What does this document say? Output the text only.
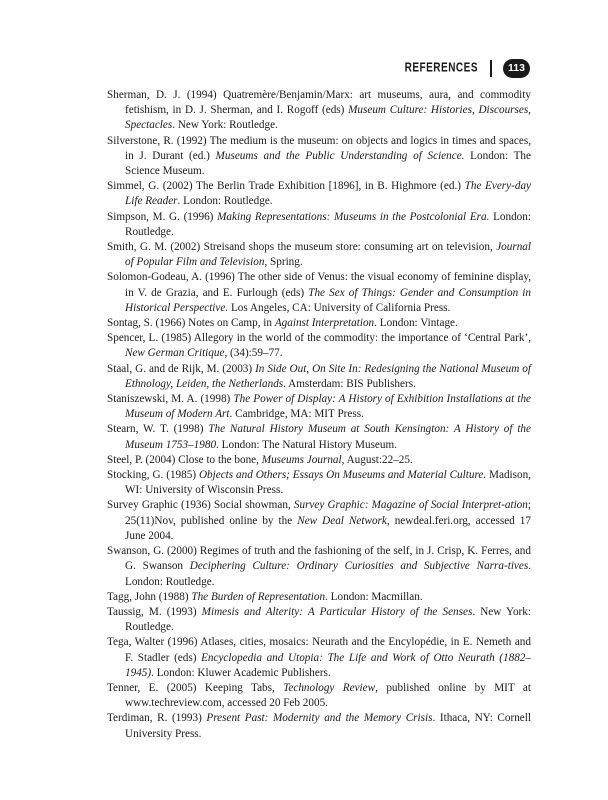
REFERENCES	113
Sherman, D. J. (1994) Quatremère/Benjamin/Marx: art museums, aura, and commodity fetishism, in D. J. Sherman, and I. Rogoff (eds) Museum Culture: Histories, Discourses, Spectacles. New York: Routledge.
Silverstone, R. (1992) The medium is the museum: on objects and logics in times and spaces, in J. Durant (ed.) Museums and the Public Understanding of Science. London: The Science Museum.
Simmel, G. (2002) The Berlin Trade Exhibition [1896], in B. Highmore (ed.) The Every-day Life Reader. London: Routledge.
Simpson, M. G. (1996) Making Representations: Museums in the Postcolonial Era. London: Routledge.
Smith, G. M. (2002) Streisand shops the museum store: consuming art on television, Journal of Popular Film and Television, Spring.
Solomon-Godeau, A. (1996) The other side of Venus: the visual economy of feminine display, in V. de Grazia, and E. Furlough (eds) The Sex of Things: Gender and Consumption in Historical Perspective. Los Angeles, CA: University of California Press.
Sontag, S. (1966) Notes on Camp, in Against Interpretation. London: Vintage.
Spencer, L. (1985) Allegory in the world of the commodity: the importance of ‘Central Park’, New German Critique, (34):59–77.
Staal, G. and de Rijk, M. (2003) In Side Out, On Site In: Redesigning the National Museum of Ethnology, Leiden, the Netherlands. Amsterdam: BIS Publishers.
Staniszewski, M. A. (1998) The Power of Display: A History of Exhibition Installations at the Museum of Modern Art. Cambridge, MA: MIT Press.
Stearn, W. T. (1998) The Natural History Museum at South Kensington: A History of the Museum 1753–1980. London: The Natural History Museum.
Steel, P. (2004) Close to the bone, Museums Journal, August:22–25.
Stocking, G. (1985) Objects and Others; Essays On Museums and Material Culture. Madison, WI: University of Wisconsin Press.
Survey Graphic (1936) Social showman, Survey Graphic: Magazine of Social Interpret-ation; 25(11)Nov, published online by the New Deal Network, newdeal.feri.org, accessed 17 June 2004.
Swanson, G. (2000) Regimes of truth and the fashioning of the self, in J. Crisp, K. Ferres, and G. Swanson Deciphering Culture: Ordinary Curiosities and Subjective Narra-tives. London: Routledge.
Tagg, John (1988) The Burden of Representation. London: Macmillan.
Taussig, M. (1993) Mimesis and Alterity: A Particular History of the Senses. New York: Routledge.
Tega, Walter (1996) Atlases, cities, mosaics: Neurath and the Encylopédie, in E. Nemeth and F. Stadler (eds) Encyclopedia and Utopia: The Life and Work of Otto Neurath (1882–1945). London: Kluwer Academic Publishers.
Tenner, E. (2005) Keeping Tabs, Technology Review, published online by MIT at www.techreview.com, accessed 20 Feb 2005.
Terdiman, R. (1993) Present Past: Modernity and the Memory Crisis. Ithaca, NY: Cornell University Press.
